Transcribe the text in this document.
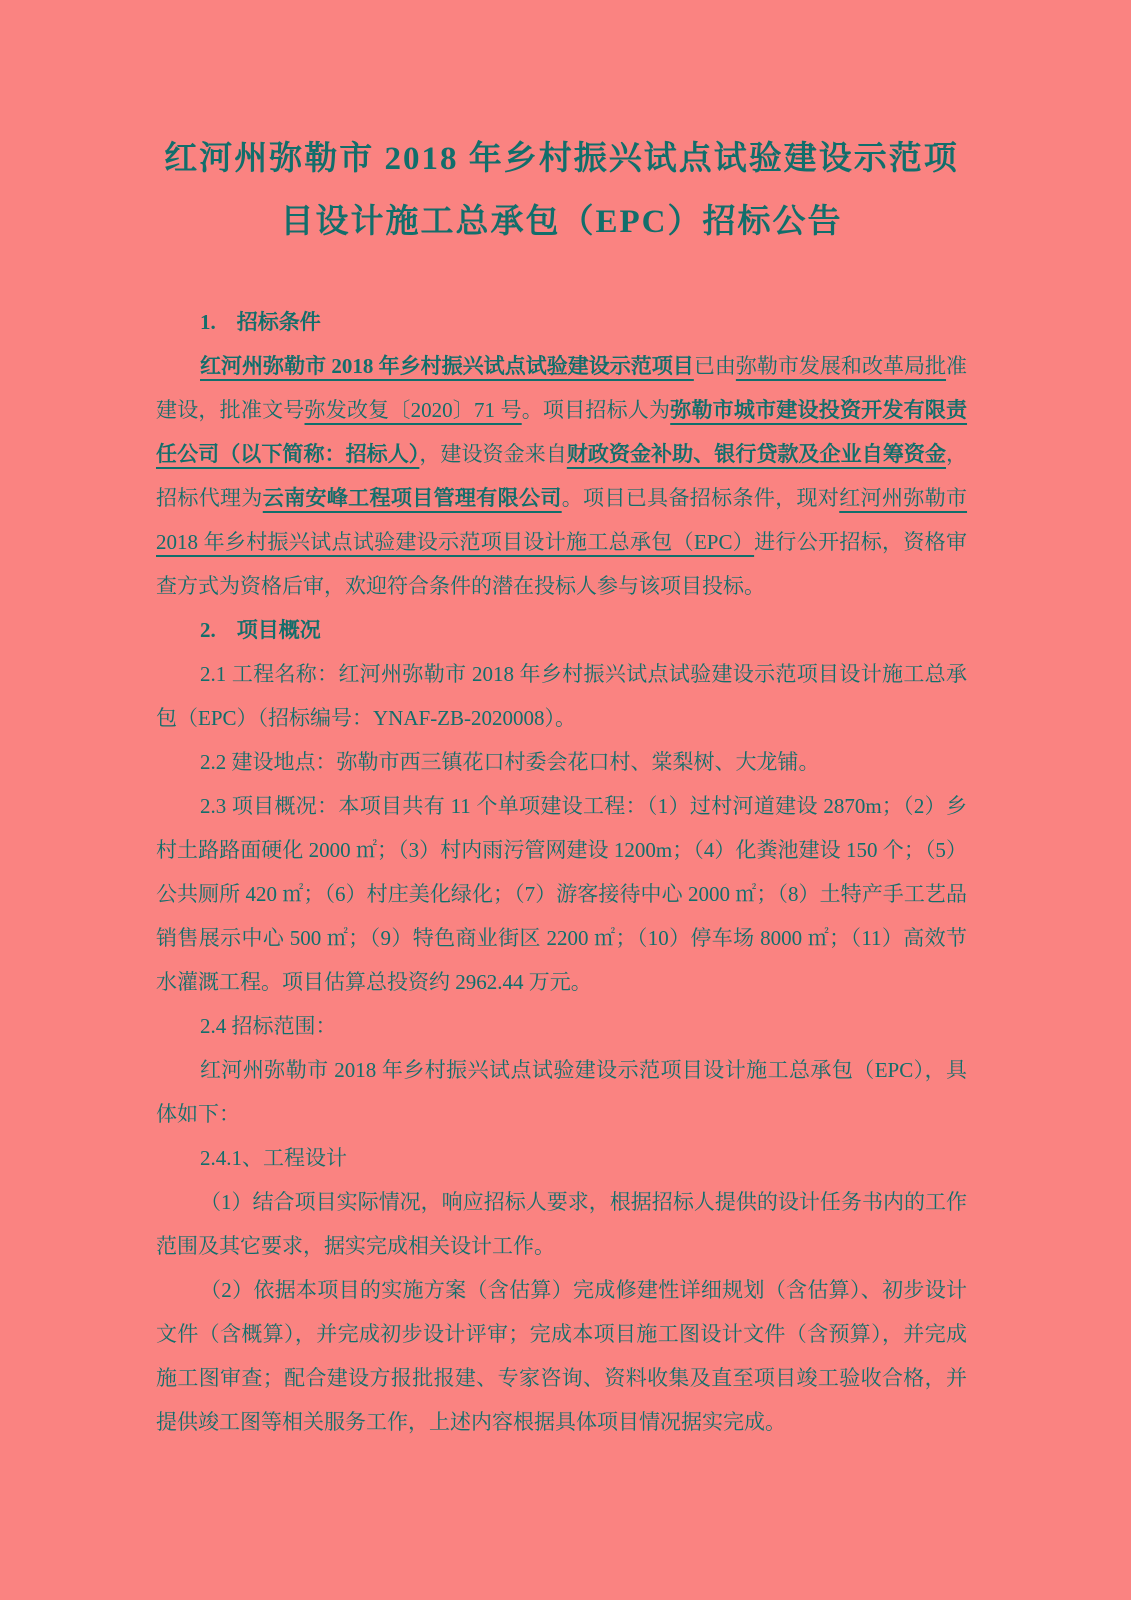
红河州弥勒市 2018 年乡村振兴试点试验建设示范项
目设计施工总承包（EPC）招标公告

1.　招标条件

红河州弥勒市 2018 年乡村振兴试点试验建设示范项目已由弥勒市发展和改革局批准建设，批准文号弥发改复〔2020〕71 号。项目招标人为弥勒市城市建设投资开发有限责任公司（以下简称：招标人），建设资金来自财政资金补助、银行贷款及企业自筹资金，招标代理为云南安峰工程项目管理有限公司。项目已具备招标条件，现对红河州弥勒市 2018 年乡村振兴试点试验建设示范项目设计施工总承包（EPC）进行公开招标，资格审查方式为资格后审，欢迎符合条件的潜在投标人参与该项目投标。

2.　项目概况

2.1 工程名称：红河州弥勒市 2018 年乡村振兴试点试验建设示范项目设计施工总承包（EPC）（招标编号：YNAF-ZB-2020008）。

2.2 建设地点：弥勒市西三镇花口村委会花口村、棠梨树、大龙铺。

2.3 项目概况：本项目共有 11 个单项建设工程：（1）过村河道建设 2870m；（2）乡村土路路面硬化 2000 ㎡；（3）村内雨污管网建设 1200m；（4）化粪池建设 150 个；（5）公共厕所 420 ㎡；（6）村庄美化绿化；（7）游客接待中心 2000 ㎡；（8）土特产手工艺品销售展示中心 500 ㎡；（9）特色商业街区 2200 ㎡；（10）停车场 8000 ㎡；（11）高效节水灌溉工程。项目估算总投资约 2962.44 万元。

2.4 招标范围：

红河州弥勒市 2018 年乡村振兴试点试验建设示范项目设计施工总承包（EPC），具体如下：

2.4.1、工程设计

（1）结合项目实际情况，响应招标人要求，根据招标人提供的设计任务书内的工作范围及其它要求，据实完成相关设计工作。

（2）依据本项目的实施方案（含估算）完成修建性详细规划（含估算）、初步设计文件（含概算），并完成初步设计评审；完成本项目施工图设计文件（含预算），并完成施工图审查；配合建设方报批报建、专家咨询、资料收集及直至项目竣工验收合格，并提供竣工图等相关服务工作，上述内容根据具体项目情况据实完成。
